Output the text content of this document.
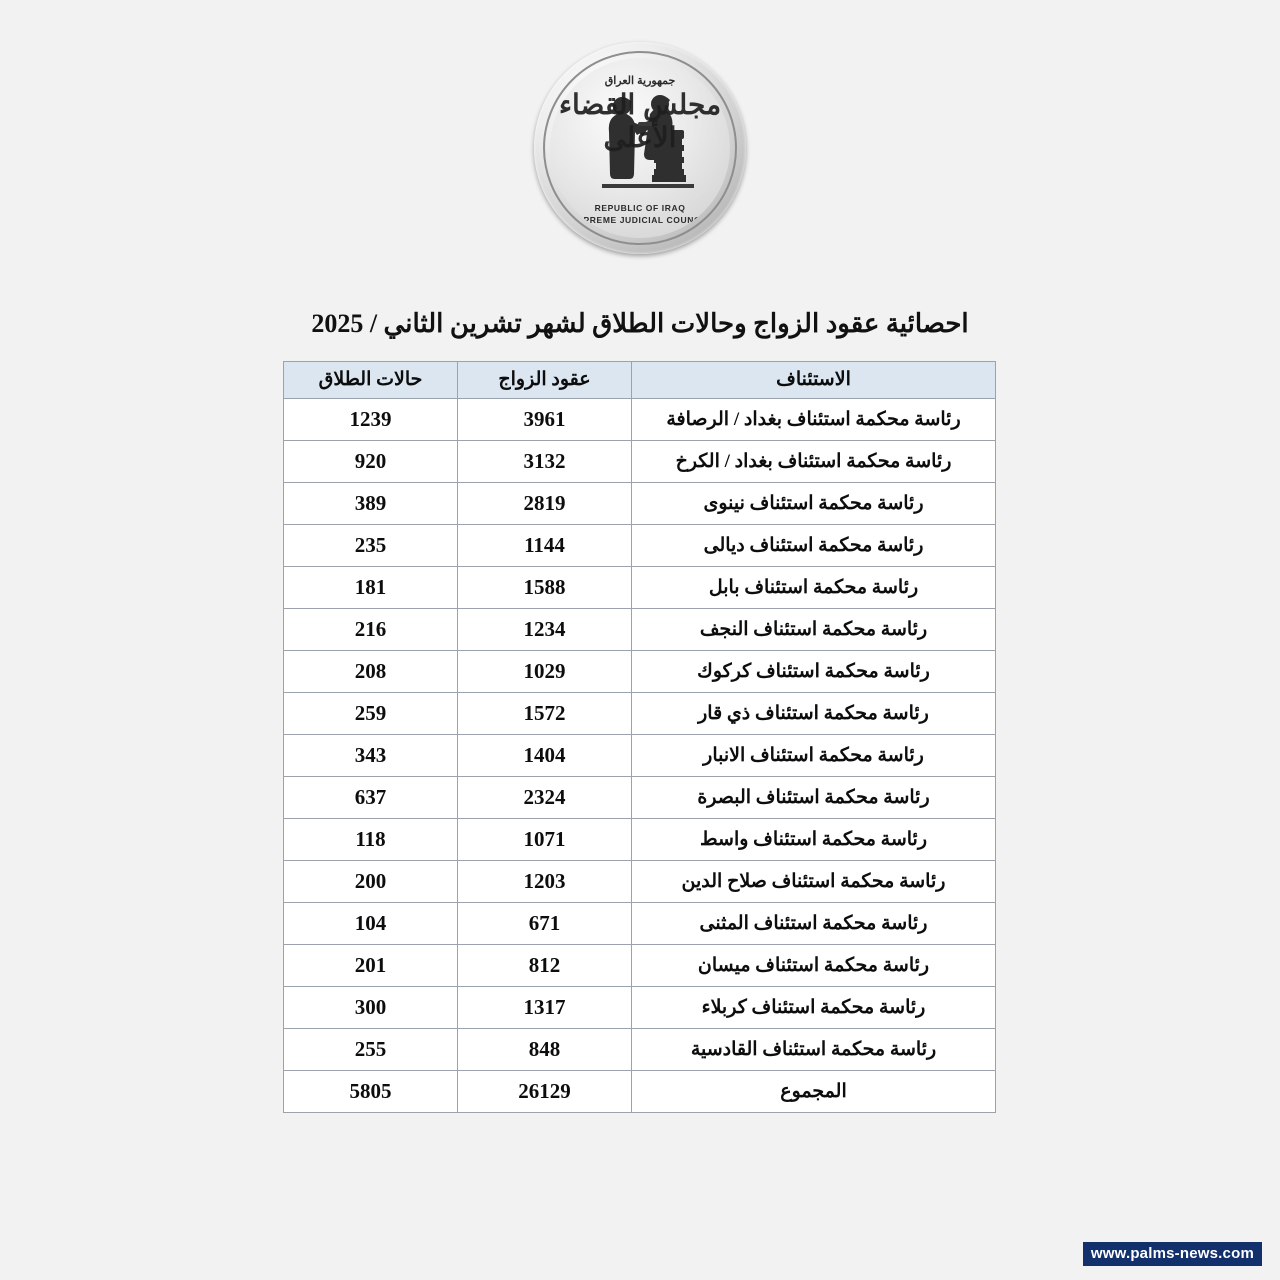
جمهورية العراق
مجلس القضاء الأعلى
REPUBLIC OF IRAQ
SUPREME JUDICIAL COUNCIL
احصائية عقود الزواج وحالات الطلاق لشهر تشرين الثاني / 2025
الاستئناف	عقود الزواج	حالات الطلاق
رئاسة محكمة استئناف بغداد / الرصافة	3961	1239
رئاسة محكمة استئناف بغداد / الكرخ	3132	920
رئاسة محكمة استئناف نينوى	2819	389
رئاسة محكمة استئناف ديالى	1144	235
رئاسة محكمة استئناف بابل	1588	181
رئاسة محكمة استئناف النجف	1234	216
رئاسة محكمة استئناف كركوك	1029	208
رئاسة محكمة استئناف ذي قار	1572	259
رئاسة محكمة استئناف الانبار	1404	343
رئاسة محكمة استئناف البصرة	2324	637
رئاسة محكمة استئناف واسط	1071	118
رئاسة محكمة استئناف صلاح الدين	1203	200
رئاسة محكمة استئناف المثنى	671	104
رئاسة محكمة استئناف ميسان	812	201
رئاسة محكمة استئناف كربلاء	1317	300
رئاسة محكمة استئناف القادسية	848	255
المجموع	26129	5805
www.palms-news.com
